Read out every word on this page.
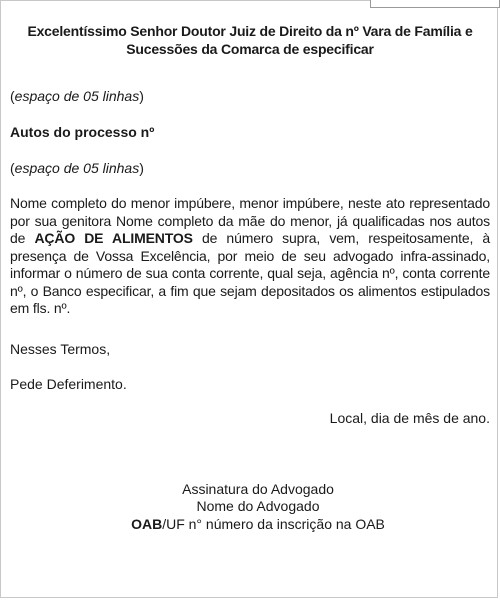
Excelentíssimo Senhor Doutor Juiz de Direito da nº Vara de Família e Sucessões da Comarca de especificar

(espaço de 05 linhas)

Autos do processo nº

(espaço de 05 linhas)

Nome completo do menor impúbere, menor impúbere, neste ato representado por sua genitora Nome completo da mãe do menor, já qualificadas nos autos de AÇÃO DE ALIMENTOS de número supra, vem, respeitosamente, à presença de Vossa Excelência, por meio de seu advogado infra-assinado, informar o número de sua conta corrente, qual seja, agência nº, conta corrente nº, o Banco especificar, a fim que sejam depositados os alimentos estipulados em fls. nº.

Nesses Termos,

Pede Deferimento.

Local, dia de mês de ano.

Assinatura do Advogado
Nome do Advogado
OAB/UF n° número da inscrição na OAB
